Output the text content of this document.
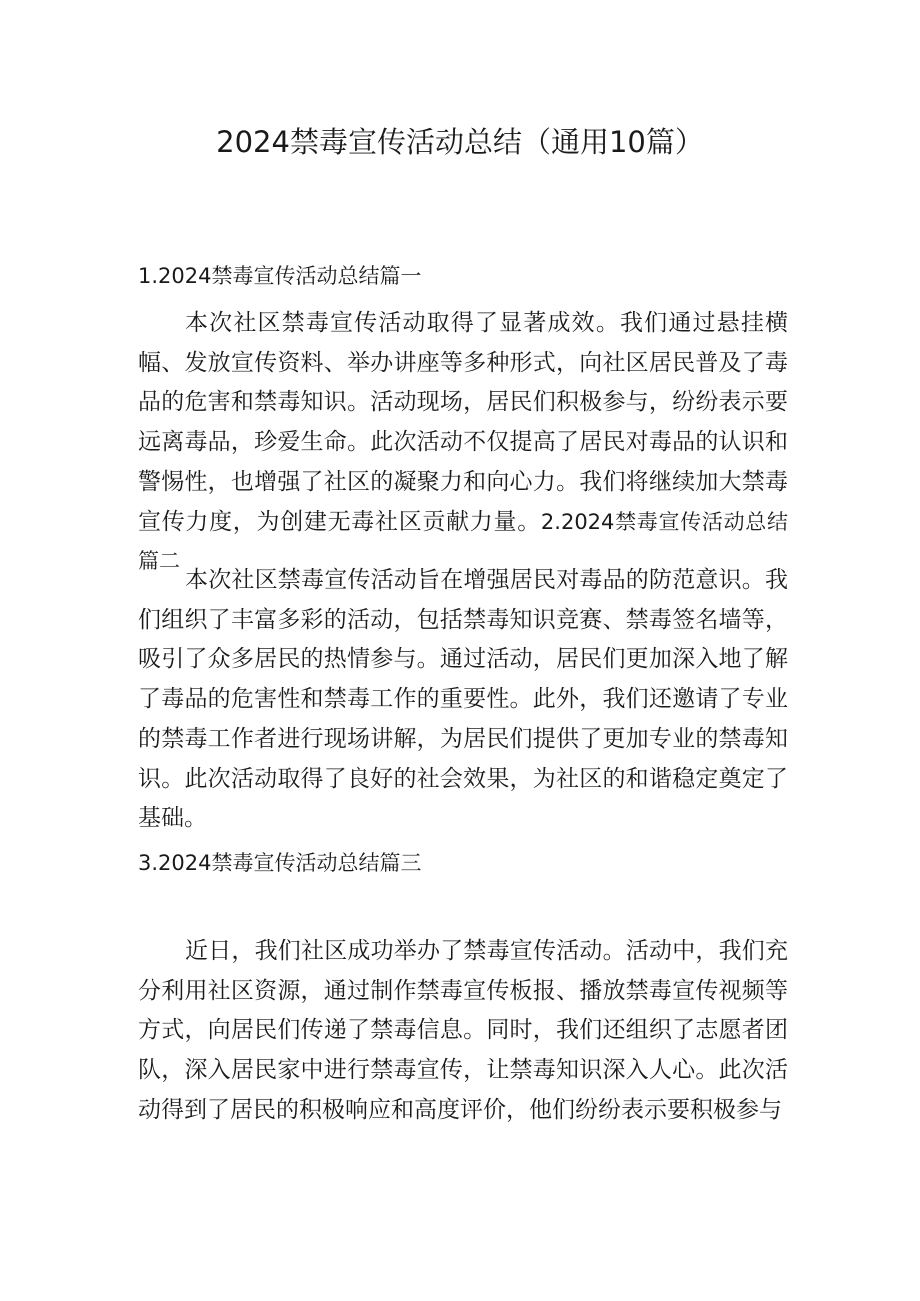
2024禁毒宣传活动总结（通用10篇）
1.2024禁毒宣传活动总结篇一

本次社区禁毒宣传活动取得了显著成效。我们通过悬挂横幅、发放宣传资料、举办讲座等多种形式，向社区居民普及了毒品的危害和禁毒知识。活动现场，居民们积极参与，纷纷表示要远离毒品，珍爱生命。此次活动不仅提高了居民对毒品的认识和警惕性，也增强了社区的凝聚力和向心力。我们将继续加大禁毒宣传力度，为创建无毒社区贡献力量。2.2024禁毒宣传活动总结篇二

本次社区禁毒宣传活动旨在增强居民对毒品的防范意识。我们组织了丰富多彩的活动，包括禁毒知识竞赛、禁毒签名墙等，吸引了众多居民的热情参与。通过活动，居民们更加深入地了解了毒品的危害性和禁毒工作的重要性。此外，我们还邀请了专业的禁毒工作者进行现场讲解，为居民们提供了更加专业的禁毒知识。此次活动取得了良好的社会效果，为社区的和谐稳定奠定了基础。

3.2024禁毒宣传活动总结篇三

近日，我们社区成功举办了禁毒宣传活动。活动中，我们充分利用社区资源，通过制作禁毒宣传板报、播放禁毒宣传视频等方式，向居民们传递了禁毒信息。同时，我们还组织了志愿者团队，深入居民家中进行禁毒宣传，让禁毒知识深入人心。此次活动得到了居民的积极响应和高度评价，他们纷纷表示要积极参与
